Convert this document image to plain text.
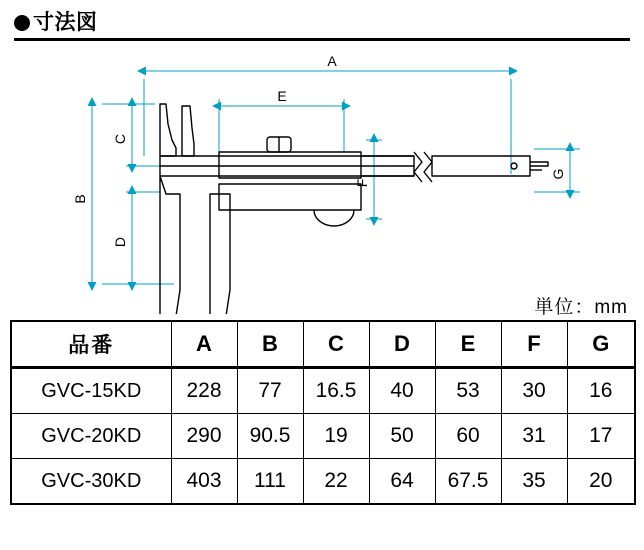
寸法図
A
E
B
C
D
F
G
単位：mm
品番	A	B	C	D	E	F	G
GVC-15KD	228	77	16.5	40	53	30	16
GVC-20KD	290	90.5	19	50	60	31	17
GVC-30KD	403	111	22	64	67.5	35	20
